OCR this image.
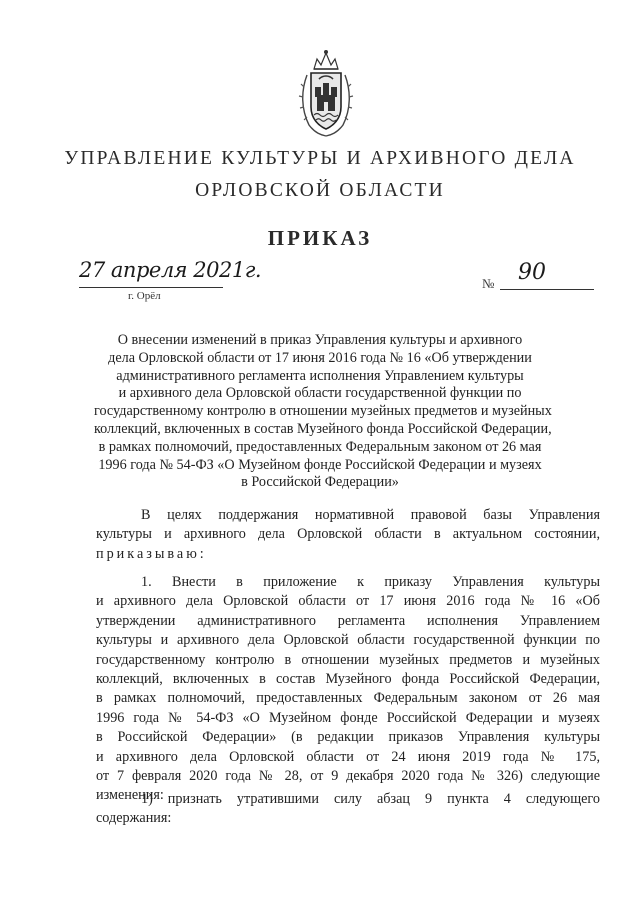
УПРАВЛЕНИЕ КУЛЬТУРЫ И АРХИВНОГО ДЕЛА
ОРЛОВСКОЙ ОБЛАСТИ
ПРИКАЗ
27 апреля 2021г.
г. Орёл
№ 90
О внесении изменений в приказ Управления культуры и архивного
дела Орловской области от 17 июня 2016 года № 16 «Об утверждении
административного регламента исполнения Управлением культуры
и архивного дела Орловской области государственной функции по
государственному контролю в отношении музейных предметов и музейных
коллекций, включенных в состав Музейного фонда Российской Федерации,
в рамках полномочий, предоставленных Федеральным законом от 26 мая
1996 года № 54-ФЗ «О Музейном фонде Российской Федерации и музеях
в Российской Федерации»
В целях поддержания нормативной правовой базы Управления
культуры и архивного дела Орловской области в актуальном состоянии,
приказываю:
1. Внести в приложение к приказу Управления культуры
и архивного дела Орловской области от 17 июня 2016 года № 16 «Об
утверждении административного регламента исполнения Управлением
культуры и архивного дела Орловской области государственной функции по
государственному контролю в отношении музейных предметов и музейных
коллекций, включенных в состав Музейного фонда Российской Федерации,
в рамках полномочий, предоставленных Федеральным законом от 26 мая
1996 года № 54-ФЗ «О Музейном фонде Российской Федерации и музеях
в Российской Федерации» (в редакции приказов Управления культуры
и архивного дела Орловской области от 24 июня 2019 года № 175,
от 7 февраля 2020 года № 28, от 9 декабря 2020 года № 326) следующие
изменения:
1) признать утратившими силу абзац 9 пункта 4 следующего
содержания:
